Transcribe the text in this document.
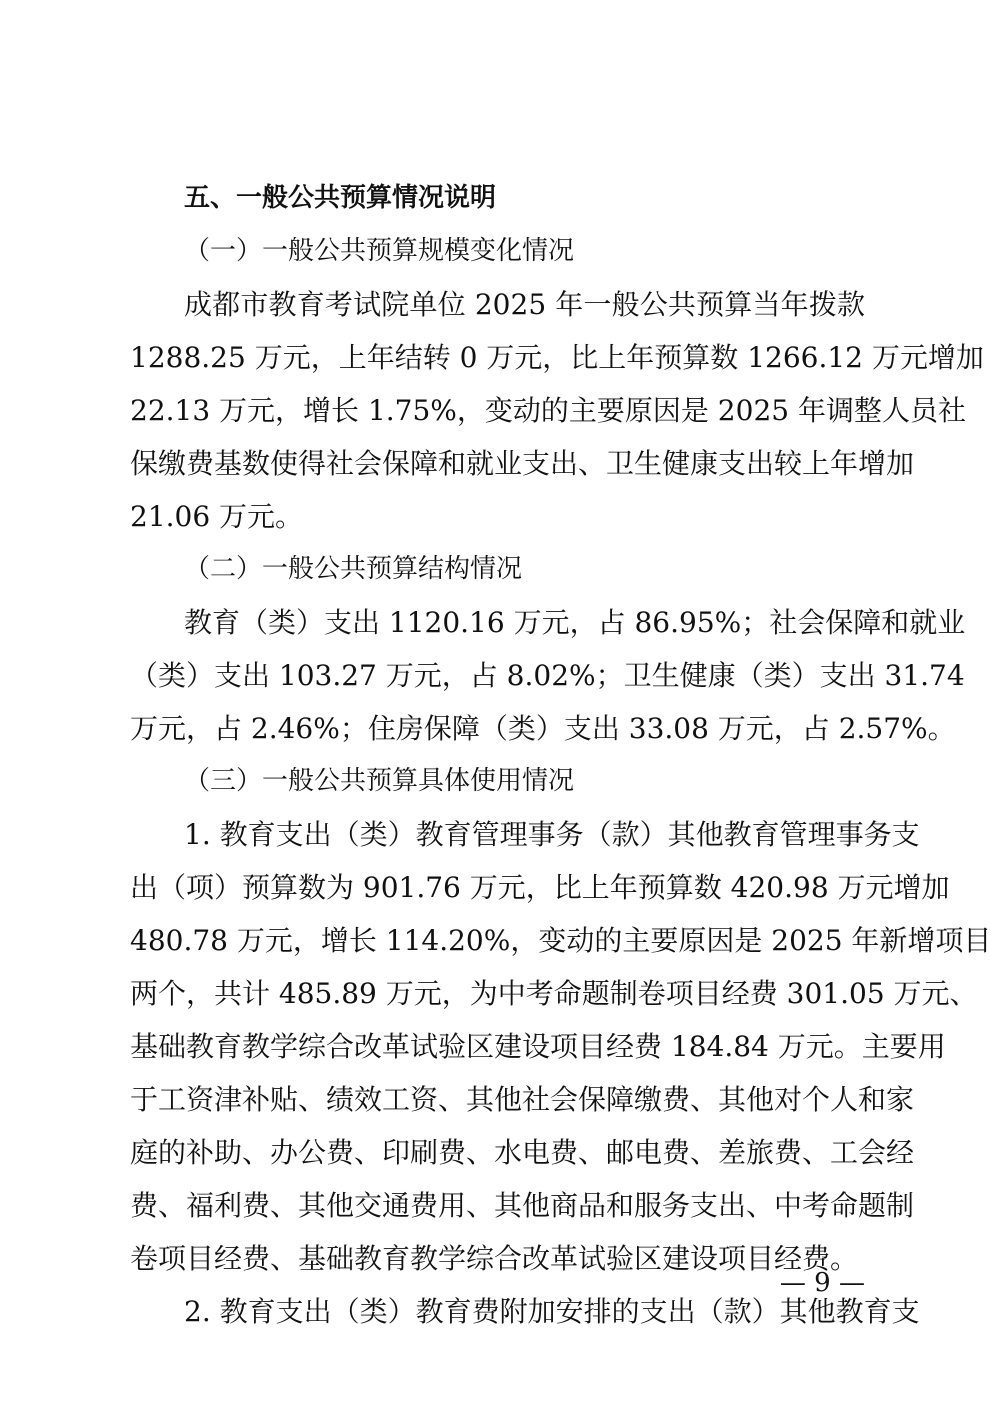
五、一般公共预算情况说明
（一）一般公共预算规模变化情况
成都市教育考试院单位 2025 年一般公共预算当年拨款
1288.25 万元，上年结转 0 万元，比上年预算数 1266.12 万元增加
22.13 万元，增长 1.75%，变动的主要原因是 2025 年调整人员社
保缴费基数使得社会保障和就业支出、卫生健康支出较上年增加
21.06 万元。
（二）一般公共预算结构情况
教育（类）支出 1120.16 万元，占 86.95%；社会保障和就业
（类）支出 103.27 万元，占 8.02%；卫生健康（类）支出 31.74
万元，占 2.46%；住房保障（类）支出 33.08 万元，占 2.57%。
（三）一般公共预算具体使用情况
1. 教育支出（类）教育管理事务（款）其他教育管理事务支
出（项）预算数为 901.76 万元，比上年预算数 420.98 万元增加
480.78 万元，增长 114.20%，变动的主要原因是 2025 年新增项目
两个，共计 485.89 万元，为中考命题制卷项目经费 301.05 万元、
基础教育教学综合改革试验区建设项目经费 184.84 万元。主要用
于工资津补贴、绩效工资、其他社会保障缴费、其他对个人和家
庭的补助、办公费、印刷费、水电费、邮电费、差旅费、工会经
费、福利费、其他交通费用、其他商品和服务支出、中考命题制
卷项目经费、基础教育教学综合改革试验区建设项目经费。
2. 教育支出（类）教育费附加安排的支出（款）其他教育支
— 9 —
